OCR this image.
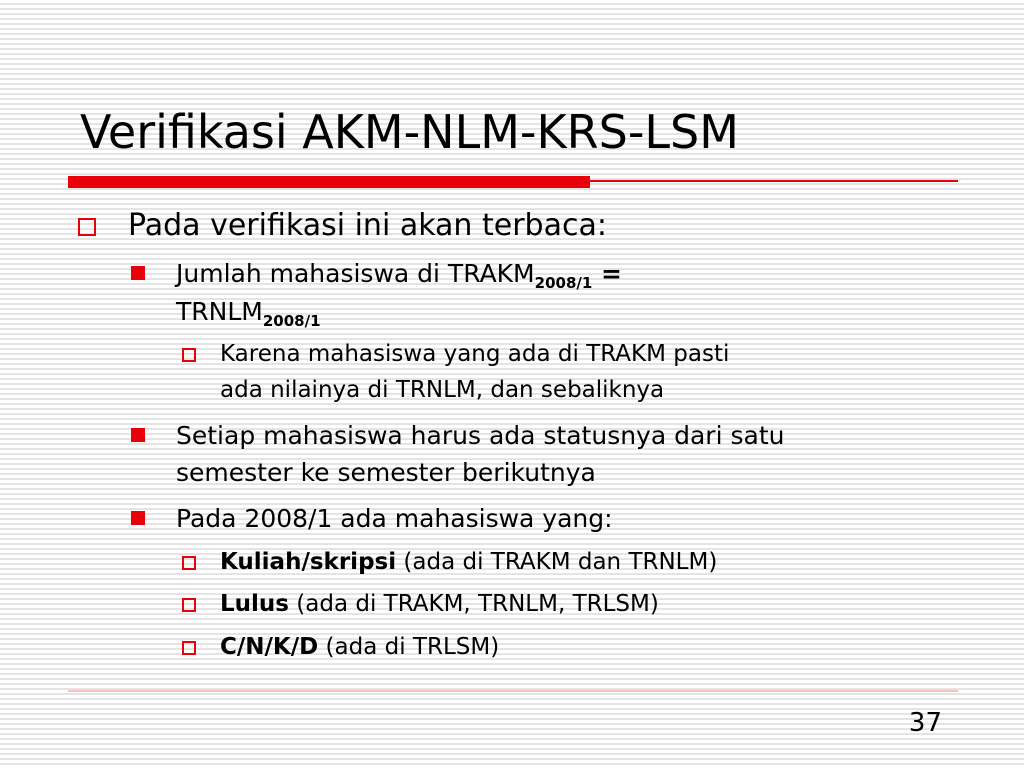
Verifikasi AKM-NLM-KRS-LSM
Pada verifikasi ini akan terbaca:
Jumlah mahasiswa di $TRAKM_{2008/1}$ =
$TRNLM_{2008/1}$
Karena mahasiswa yang ada di TRAKM pasti
ada nilainya di TRNLM, dan sebaliknya
Setiap mahasiswa harus ada statusnya dari satu
semester ke semester berikutnya
Pada 2008/1 ada mahasiswa yang:
Kuliah/skripsi (ada di TRAKM dan TRNLM)
Lulus (ada di TRAKM, TRNLM, TRLSM)
C/N/K/D (ada di TRLSM)
37
